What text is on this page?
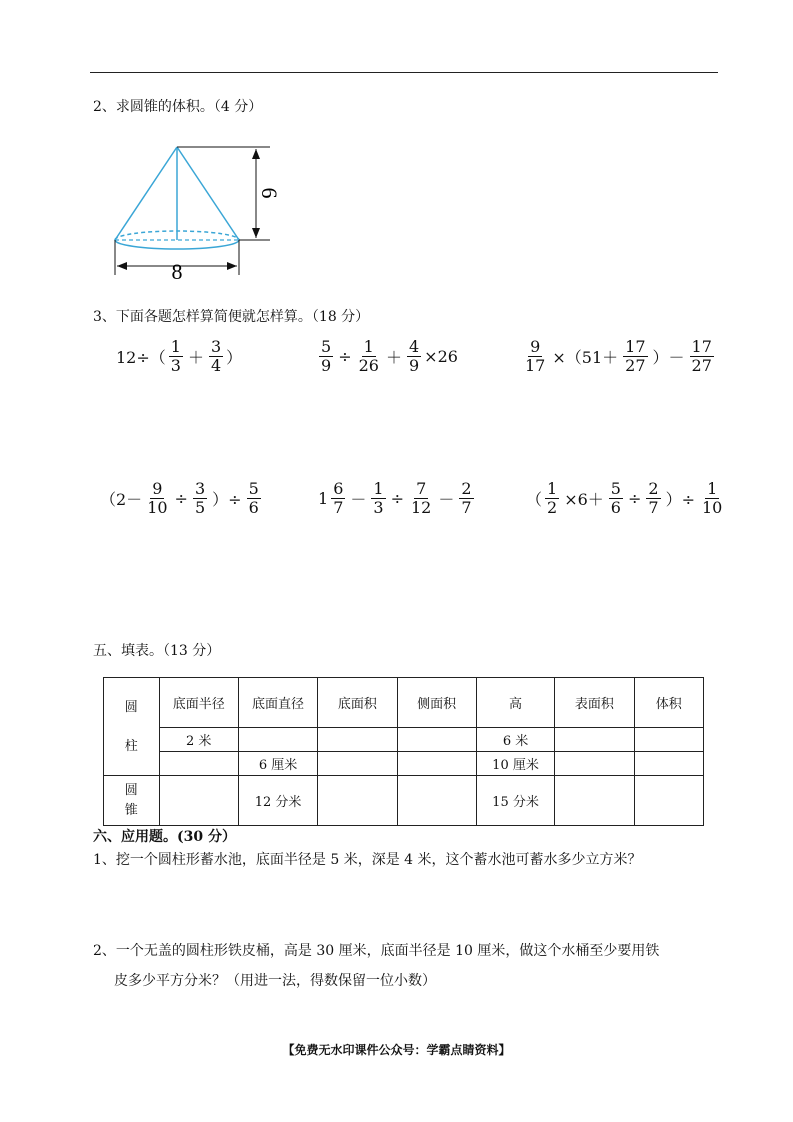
2、求圆锥的体积。（4 分）
6
8
3、下面各题怎样算简便就怎样算。（18 分）
$12\div( \frac{1}{3} + \frac{3}{4}$ ）	$\frac{5}{9} \div \frac{1}{26} + \frac{4}{9} \times 26$	$\frac{9}{17} \times(51+ \frac{17}{27}$ ）－ $\frac{17}{27}$
（$2- \frac{9}{10} \div \frac{3}{5}$ ）÷ $\frac{5}{6}$	$1 \frac{6}{7} - \frac{1}{3} \div \frac{7}{12} - \frac{2}{7}$	（ $\frac{1}{2} \times 6+ \frac{5}{6} \div \frac{2}{7}$ ）÷ $\frac{1}{10}$
五、填表。（13 分）
圆
柱	底面半径	底面直径	底面积	侧面积	高	表面积	体积
	2 米				6 米		
		6 厘米			10 厘米		

圆
锥		12 分米			15 分米		
六、应用题。(30 分）
1、挖一个圆柱形蓄水池，底面半径是 5 米，深是 4 米，这个蓄水池可蓄水多少立方米？
2、一个无盖的圆柱形铁皮桶，高是 30 厘米，底面半径是 10 厘米，做这个水桶至少要用铁
皮多少平方分米？（用进一法，得数保留一位小数）
【免费无水印课件公众号：学霸点睛资料】
